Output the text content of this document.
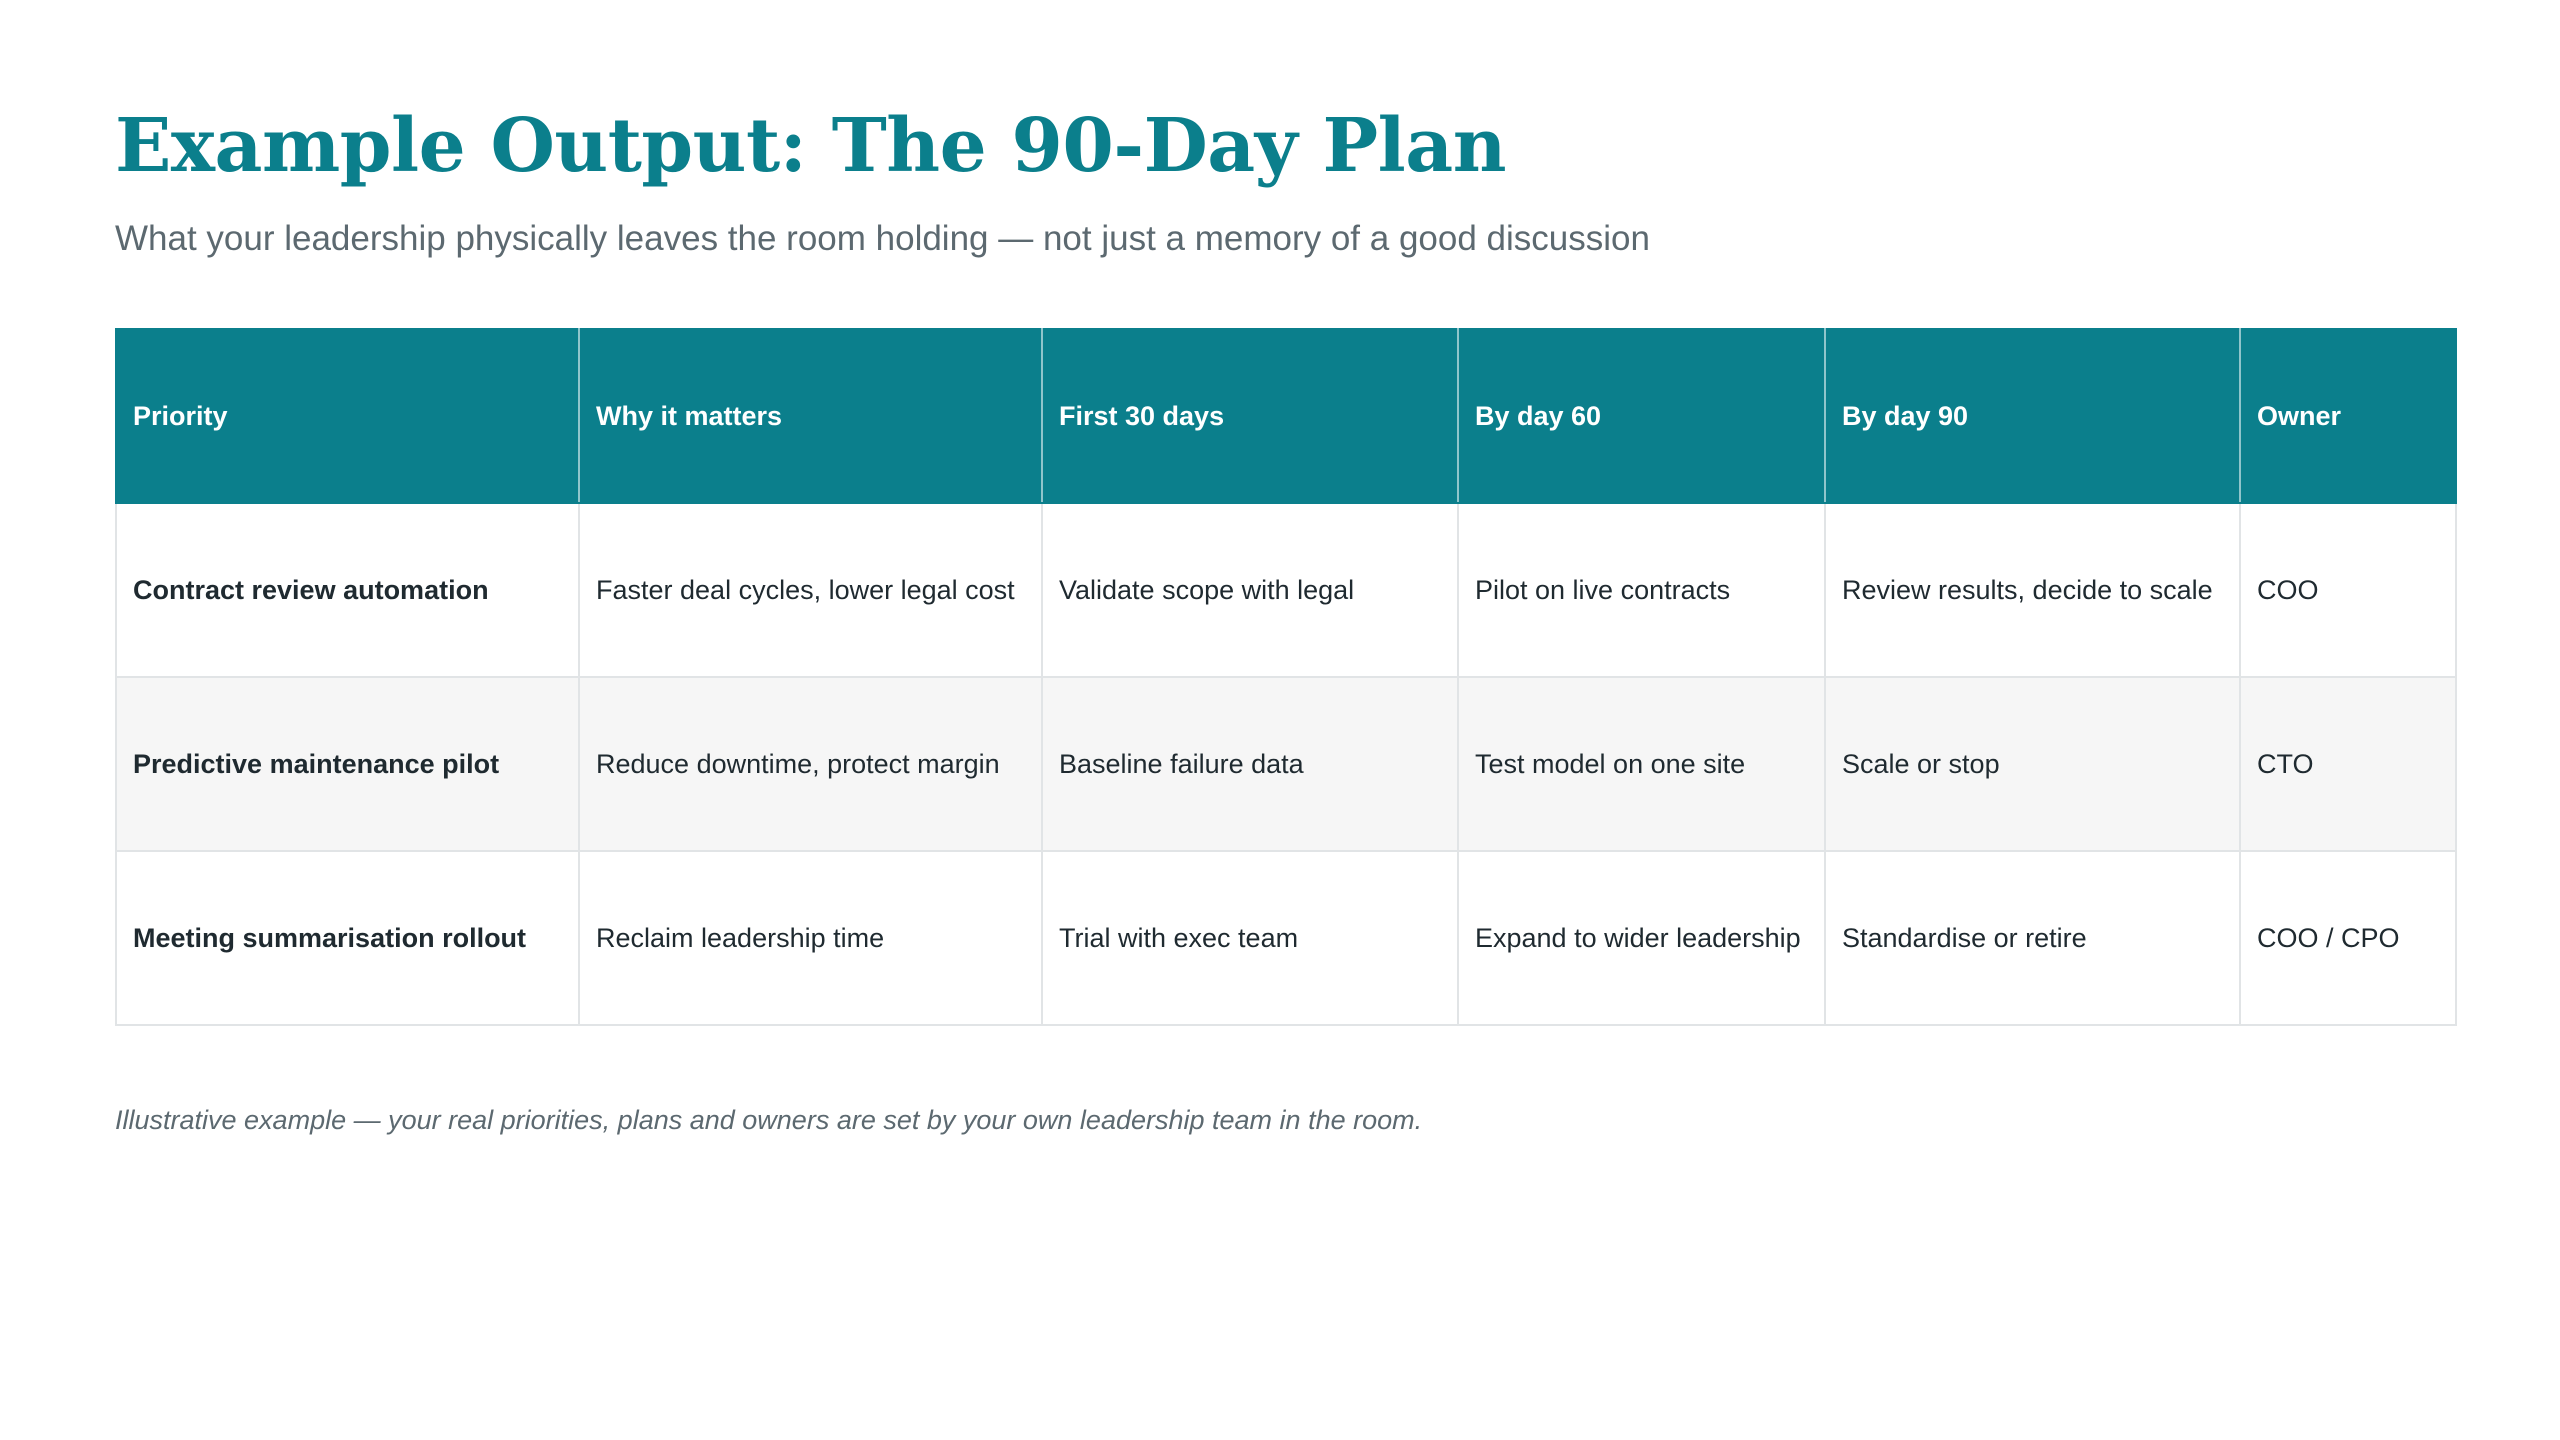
Example Output: The 90-Day Plan

What your leadership physically leaves the room holding — not just a memory of a good discussion

Priority	Why it matters	First 30 days	By day 60	By day 90	Owner
Contract review automation	Faster deal cycles, lower legal cost	Validate scope with legal	Pilot on live contracts	Review results, decide to scale	COO
Predictive maintenance pilot	Reduce downtime, protect margin	Baseline failure data	Test model on one site	Scale or stop	CTO
Meeting summarisation rollout	Reclaim leadership time	Trial with exec team	Expand to wider leadership	Standardise or retire	COO / CPO

Illustrative example — your real priorities, plans and owners are set by your own leadership team in the room.
